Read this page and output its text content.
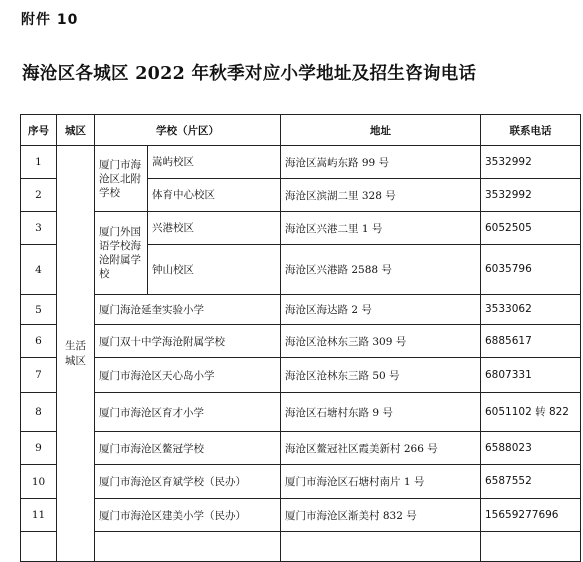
附件 10
海沧区各城区 2022 年秋季对应小学地址及招生咨询电话
序号	城区	学校（片区）		地址	联系电话
1	生活城区	厦门市海沧区北附学校	嵩屿校区	海沧区嵩屿东路 99 号	3532992
2			体育中心校区	海沧区滨湖二里 328 号	3532992
3		厦门外国语学校海沧附属学校	兴港校区	海沧区兴港二里 1 号	6052505
4			钟山校区	海沧区兴港路 2588 号	6035796
5		厦门海沧延奎实验小学		海沧区海达路 2 号	3533062
6		厦门双十中学海沧附属学校		海沧区沧林东三路 309 号	6885617
7		厦门市海沧区天心岛小学		海沧区沧林东三路 50 号	6807331
8		厦门市海沧区育才小学		海沧区石塘村东路 9 号	6051102 转 822
9		厦门市海沧区鳌冠学校		海沧区鳌冠社区霞美新村 266 号	6588023
10		厦门市海沧区育斌学校（民办）		厦门市海沧区石塘村南片 1 号	6587552
11		厦门市海沧区建美小学（民办）		厦门市海沧区渐美村 832 号	15659277696
